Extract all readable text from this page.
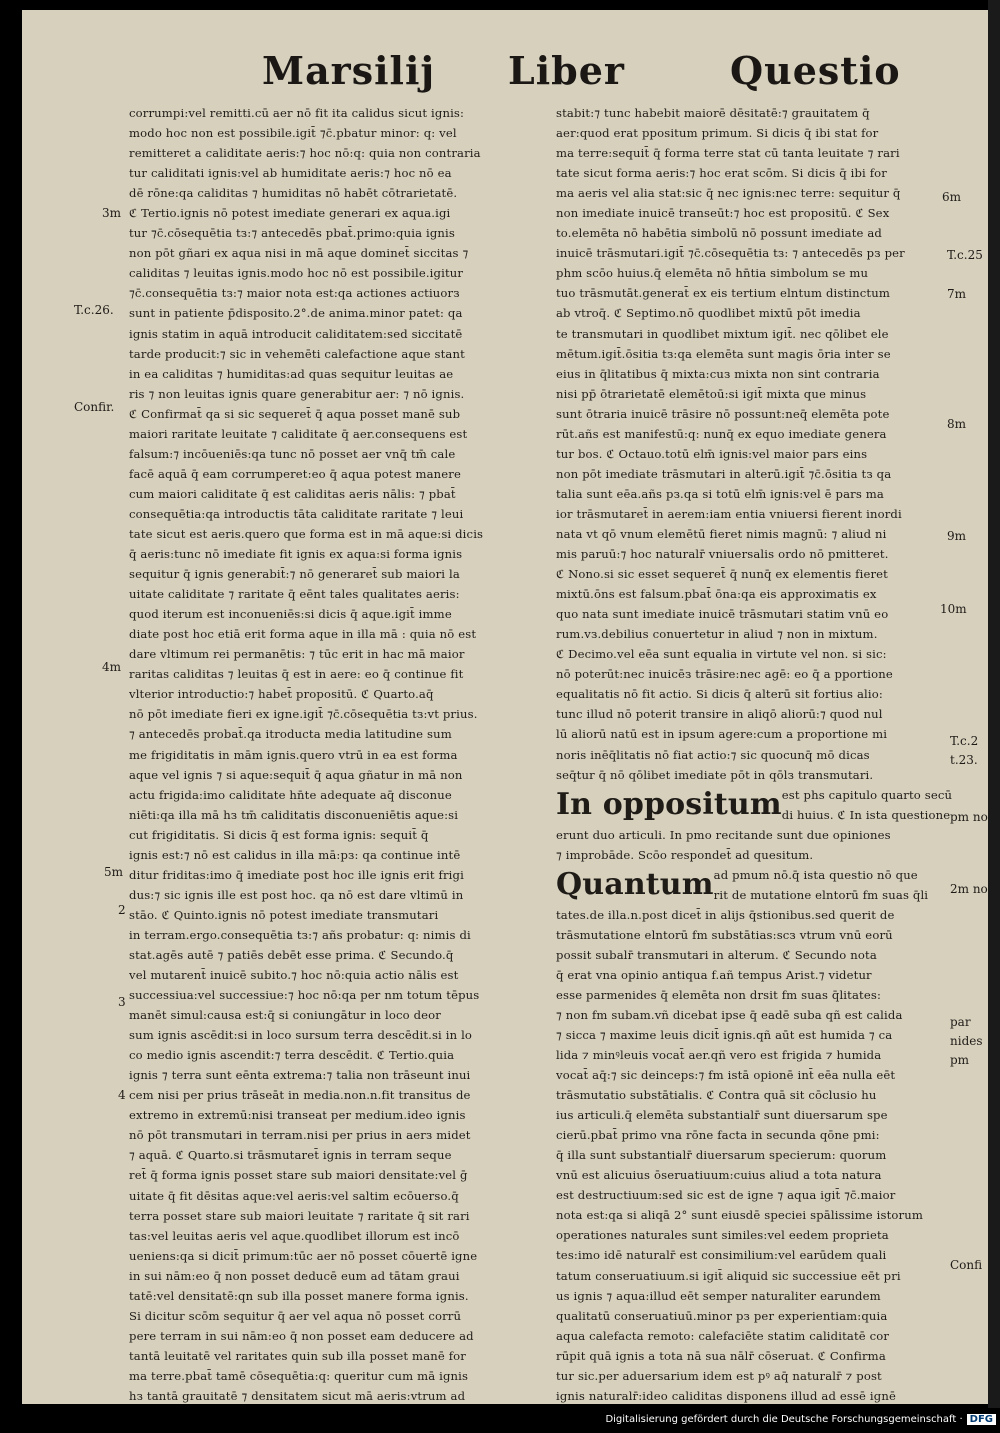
Marsilij Liber	Questio
corrumpi:vel remitti.cū aer nō fit ita calidus sicut ignis:
modo hoc non est possibile.igit̄ ⁊c̄.pbatur minor: q: vel
remitteret a caliditate aeris:⁊ hoc nō:q: quia non contraria
tur caliditati ignis:vel ab humiditate aeris:⁊ hoc nō ea
dē rōne:qa caliditas ⁊ humiditas nō habēt cōtrarietatē.
ℭ Tertio.ignis nō potest imediate generari ex aqua.igi
tur ⁊c̄.cōsequētia tз:⁊ antecedēs pbat̄.primo:quia ignis
non pōt gñari ex aqua nisi in mā aque dominet̄ siccitas ⁊
caliditas ⁊ leuitas ignis.modo hoc nō est possibile.igitur
⁊c̄.consequētia tз:⁊ maior nota est:qa actiones actiuorз
sunt in patiente p̄disposito.2°.de anima.minor patet: qa
ignis statim in aquā introducit caliditatem:sed siccitatē
tarde producit:⁊ sic in vehemēti calefactione aque stant
in ea caliditas ⁊ humiditas:ad quas sequitur leuitas ae
ris ⁊ non leuitas ignis quare generabitur aer: ⁊ nō ignis.
ℭ Confirmat̄ qa si sic sequeret̄ q̄ aqua posset manē sub
maiori raritate leuitate ⁊ caliditate q̄ aer.consequens est
falsum:⁊ incōueniēs:qa tunc nō posset aer vnq̄ tm̄ cale
facē aquā q̄ eam corrumperet:eo q̄ aqua potest manere
cum maiori caliditate q̄ est caliditas aeris nālis: ⁊ pbat̄
consequētia:qa introductis tāta caliditate raritate ⁊ leui
tate sicut est aeris.quero que forma est in mā aque:si dicis
q̄ aeris:tunc nō imediate fit ignis ex aqua:si forma ignis
sequitur q̄ ignis generabit̄:⁊ nō generaret̄ sub maiori la
uitate caliditate ⁊ raritate q̄ eēnt tales qualitates aeris:
quod iterum est inconueniēs:si dicis q̄ aque.igit̄ imme
diate post hoc etiā erit forma aque in illa mā : quia nō est
dare vltimum rei permanētis: ⁊ tūc erit in hac mā maior
raritas caliditas ⁊ leuitas q̄ est in aere: eo q̄ continue fit
vlterior introductio:⁊ habet̄ propositū. ℭ Quarto.aq̄
nō pōt imediate fieri ex igne.igit̄ ⁊c̄.cōsequētia tз:vt prius.
⁊ antecedēs probat̄.qa itroducta media latitudine sum
me frigiditatis in mām ignis.quero vtrū in ea est forma
aque vel ignis ⁊ si aque:sequit̄ q̄ aqua gñatur in mā non
actu frigida:imo caliditate hn̄te adequate aq̄ disconue
niēti:qa illa mā hз tm̄ caliditatis disconueniētis aque:si
cut frigiditatis. Si dicis q̄ est forma ignis: sequit̄ q̄
ignis est:⁊ nō est calidus in illa mā:pз: qa continue intē
ditur friditas:imo q̄ imediate post hoc ille ignis erit frigi
dus:⁊ sic ignis ille est post hoc. qa nō est dare vltimū in
stāo. ℭ Quinto.ignis nō potest imediate transmutari
in terram.ergo.consequētia tз:⁊ añs probatur: q: nimis di
stat.agēs autē ⁊ patiēs debēt esse prima. ℭ Secundo.q̄
vel mutarent̄ inuicē subito.⁊ hoc nō:quia actio nālis est
successiua:vel successiue:⁊ hoc nō:qa per nm totum tēpus
manēt simul:causa est:q̄ si coniungātur in loco deor
sum ignis ascēdit:si in loco sursum terra descēdit.si in lo
co medio ignis ascendit:⁊ terra descēdit. ℭ Tertio.quia
ignis ⁊ terra sunt eēnta extrema:⁊ talia non trāseunt inui
cem nisi per prius trāseāt in media.non.n.fit transitus de
extremo in extremū:nisi transeat per medium.ideo ignis
nō pōt transmutari in terram.nisi per prius in aerз midet
⁊ aquā. ℭ Quarto.si trāsmutaret̄ ignis in terram seque
ret̄ q̄ forma ignis posset stare sub maiori densitate:vel ḡ
uitate q̄ fit dēsitas aque:vel aeris:vel saltim ecōuerso.q̄
terra posset stare sub maiori leuitate ⁊ raritate q̄ sit rari
tas:vel leuitas aeris vel aque.quodlibet illorum est incō
ueniens:qa si dicit̄ primum:tūc aer nō posset cōuertē igne
in sui nām:eo q̄ non posset deducē eum ad tātam graui
tatē:vel densitatē:qn sub illa posset manere forma ignis.
Si dicitur scōm sequitur q̄ aer vel aqua nō posset corrū
pere terram in sui nām:eo q̄ non posset eam deducere ad
tantā leuitatē vel raritates quin sub illa posset manē for
ma terre.pbat̄ tamē cōsequētia:q: queritur cum mā ignis
hз tantā grauitatē ⁊ densitatem sicut mā aeris:vtrum ad
stabit:⁊ tunc habebit maiorē dēsitatē:⁊ grauitatem q̄
aer:quod erat ppositum primum. Si dicis q̄ ibi stat for
ma terre:sequit̄ q̄ forma terre stat cū tanta leuitate ⁊ rari
tate sicut forma aeris:⁊ hoc erat scōm. Si dicis q̄ ibi for
ma aeris vel alia stat:sic q̄ nec ignis:nec terre: sequitur q̄
non imediate inuicē transeūt:⁊ hoc est propositū. ℭ Sex
to.elemēta nō habētia simbolū nō possunt imediate ad
inuicē trāsmutari.igit̄ ⁊c̄.cōsequētia tз: ⁊ antecedēs pз per
phm scōo huius.q̄ elemēta nō hn̄tia simbolum se mu
tuo trāsmutāt.generat̄ ex eis tertium elntum distinctum
ab vtroq̄. ℭ Septimo.nō quodlibet mixtū pōt imedia
te transmutari in quodlibet mixtum igit̄. nec qōlibet ele
mētum.igit̄.ōsitia tз:qa elemēta sunt magis ōria inter se
eius in q̄litatibus q̄ mixta:cuз mixta non sint contraria
nisi pp̄ ōtrarietatē elemētoū:si igit̄ mixta que minus
sunt ōtraria inuicē trāsire nō possunt:neq̄ elemēta pote
rūt.añs est manifestū:q: nunq̄ ex equo imediate genera
tur bos. ℭ Octauo.totū elm̄ ignis:vel maior pars eins
non pōt imediate trāsmutari in alterū.igit̄ ⁊c̄.ōsitia tз qa
talia sunt eēa.añs pз.qa si totū elm̄ ignis:vel ē pars ma
ior trāsmutaret̄ in aerem:iam entia vniuersi fierent inordi
nata vt qō vnum elemētū fieret nimis magnū: ⁊ aliud ni
mis paruū:⁊ hoc naturalr̄ vniuersalis ordo nō pmitteret.
ℭ Nono.si sic esset sequeret̄ q̄ nunq̄ ex elementis fieret
mixtū.ōns est falsum.pbat̄ ōna:qa eis approximatis ex
quo nata sunt imediate inuicē trāsmutari statim vnū eo
rum.vз.debilius conuertetur in aliud ⁊ non in mixtum.
ℭ Decimo.vel eēa sunt equalia in virtute vel non. si sic:
nō poterūt:nec inuicēз trāsire:nec agē: eo q̄ a pportione
equalitatis nō fit actio. Si dicis q̄ alterū sit fortius alio:
tunc illud nō poterit transire in aliqō aliorū:⁊ quod nul
lū aliorū natū est in ipsum agere:cum a proportione mi
noris inēq̄litatis nō fiat actio:⁊ sic quocunq̄ mō dicas
seq̄tur q̄ nō qōlibet imediate pōt in qōlз transmutari.
In oppositumest phs capitulo quarto secū
di huius. ℭ In ista questione
erunt duo articuli. In pmo recitande sunt due opiniones
⁊ improbāde. Scōo respondet̄ ad quesitum.
Quantumad pmum nō.q̄ ista questio nō que
rit de mutatione elntorū fm suas q̄li
tates.de illa.n.post dicet̄ in alijs q̄stionibus.sed querit de
trāsmutatione elntorū fm substātias:scз vtrum vnū eorū
possit subalr̄ transmutari in alterum. ℭ Secundo nota
q̄ erat vna opinio antiqua f.añ tempus Arist.⁊ videtur
esse parmenides q̄ elemēta non drsit fm suas q̄litates:
⁊ non fm subam.vñ dicebat ipse q̄ eadē suba qñ est calida
⁊ sicca ⁊ maxime leuis dicit̄ ignis.qñ aūt est humida ⁊ ca
lida ⁊ minꝰleuis vocat̄ aer.qñ vero est frigida ⁊ humida
vocat̄ aq̄:⁊ sic deinceps:⁊ fm istā opionē int̄ eēa nulla eēt
trāsmutatio substātialis. ℭ Contra quā sit cōclusio hu
ius articuli.q̄ elemēta substantialr̄ sunt diuersarum spe
cierū.pbat̄ primo vna rōne facta in secunda qōne pmi:
q̄ illa sunt substantialr̄ diuersarum specierum: quorum
vnū est alicuius ōseruatiuum:cuius aliud a tota natura
est destructiuum:sed sic est de igne ⁊ aqua igit̄ ⁊c̄.maior
nota est:qa si aliqā 2° sunt eiusdē speciei spālissime istorum
operationes naturales sunt similes:vel eedem proprieta
tes:imo idē naturalr̄ est consimilium:vel earūdem quali
tatum conseruatiuum.si igit̄ aliquid sic successiue eēt pri
us ignis ⁊ aqua:illud eēt semper naturaliter earundem
qualitatū conseruatiuū.minor pз per experientiam:quia
aqua calefacta remoto: calefaciēte statim caliditatē cor
rūpit quā ignis a tota nā sua nālr̄ cōseruat. ℭ Confirma
tur sic.per aduersarium idem est pꝰ aq̄ naturalr̄ ⁊ post
ignis naturalr̄:ideo caliditas disponens illud ad essē ignē
3m
T.c.26.
Confir.
4m
5m
2
3
4
6m
T.c.25
7m
8m
9m
10m
T.c.2
t.23.
pm no
2m no
par
nides
pm
Confi
Digitalisierung gefördert durch die Deutsche Forschungsgemeinschaft · DFG
